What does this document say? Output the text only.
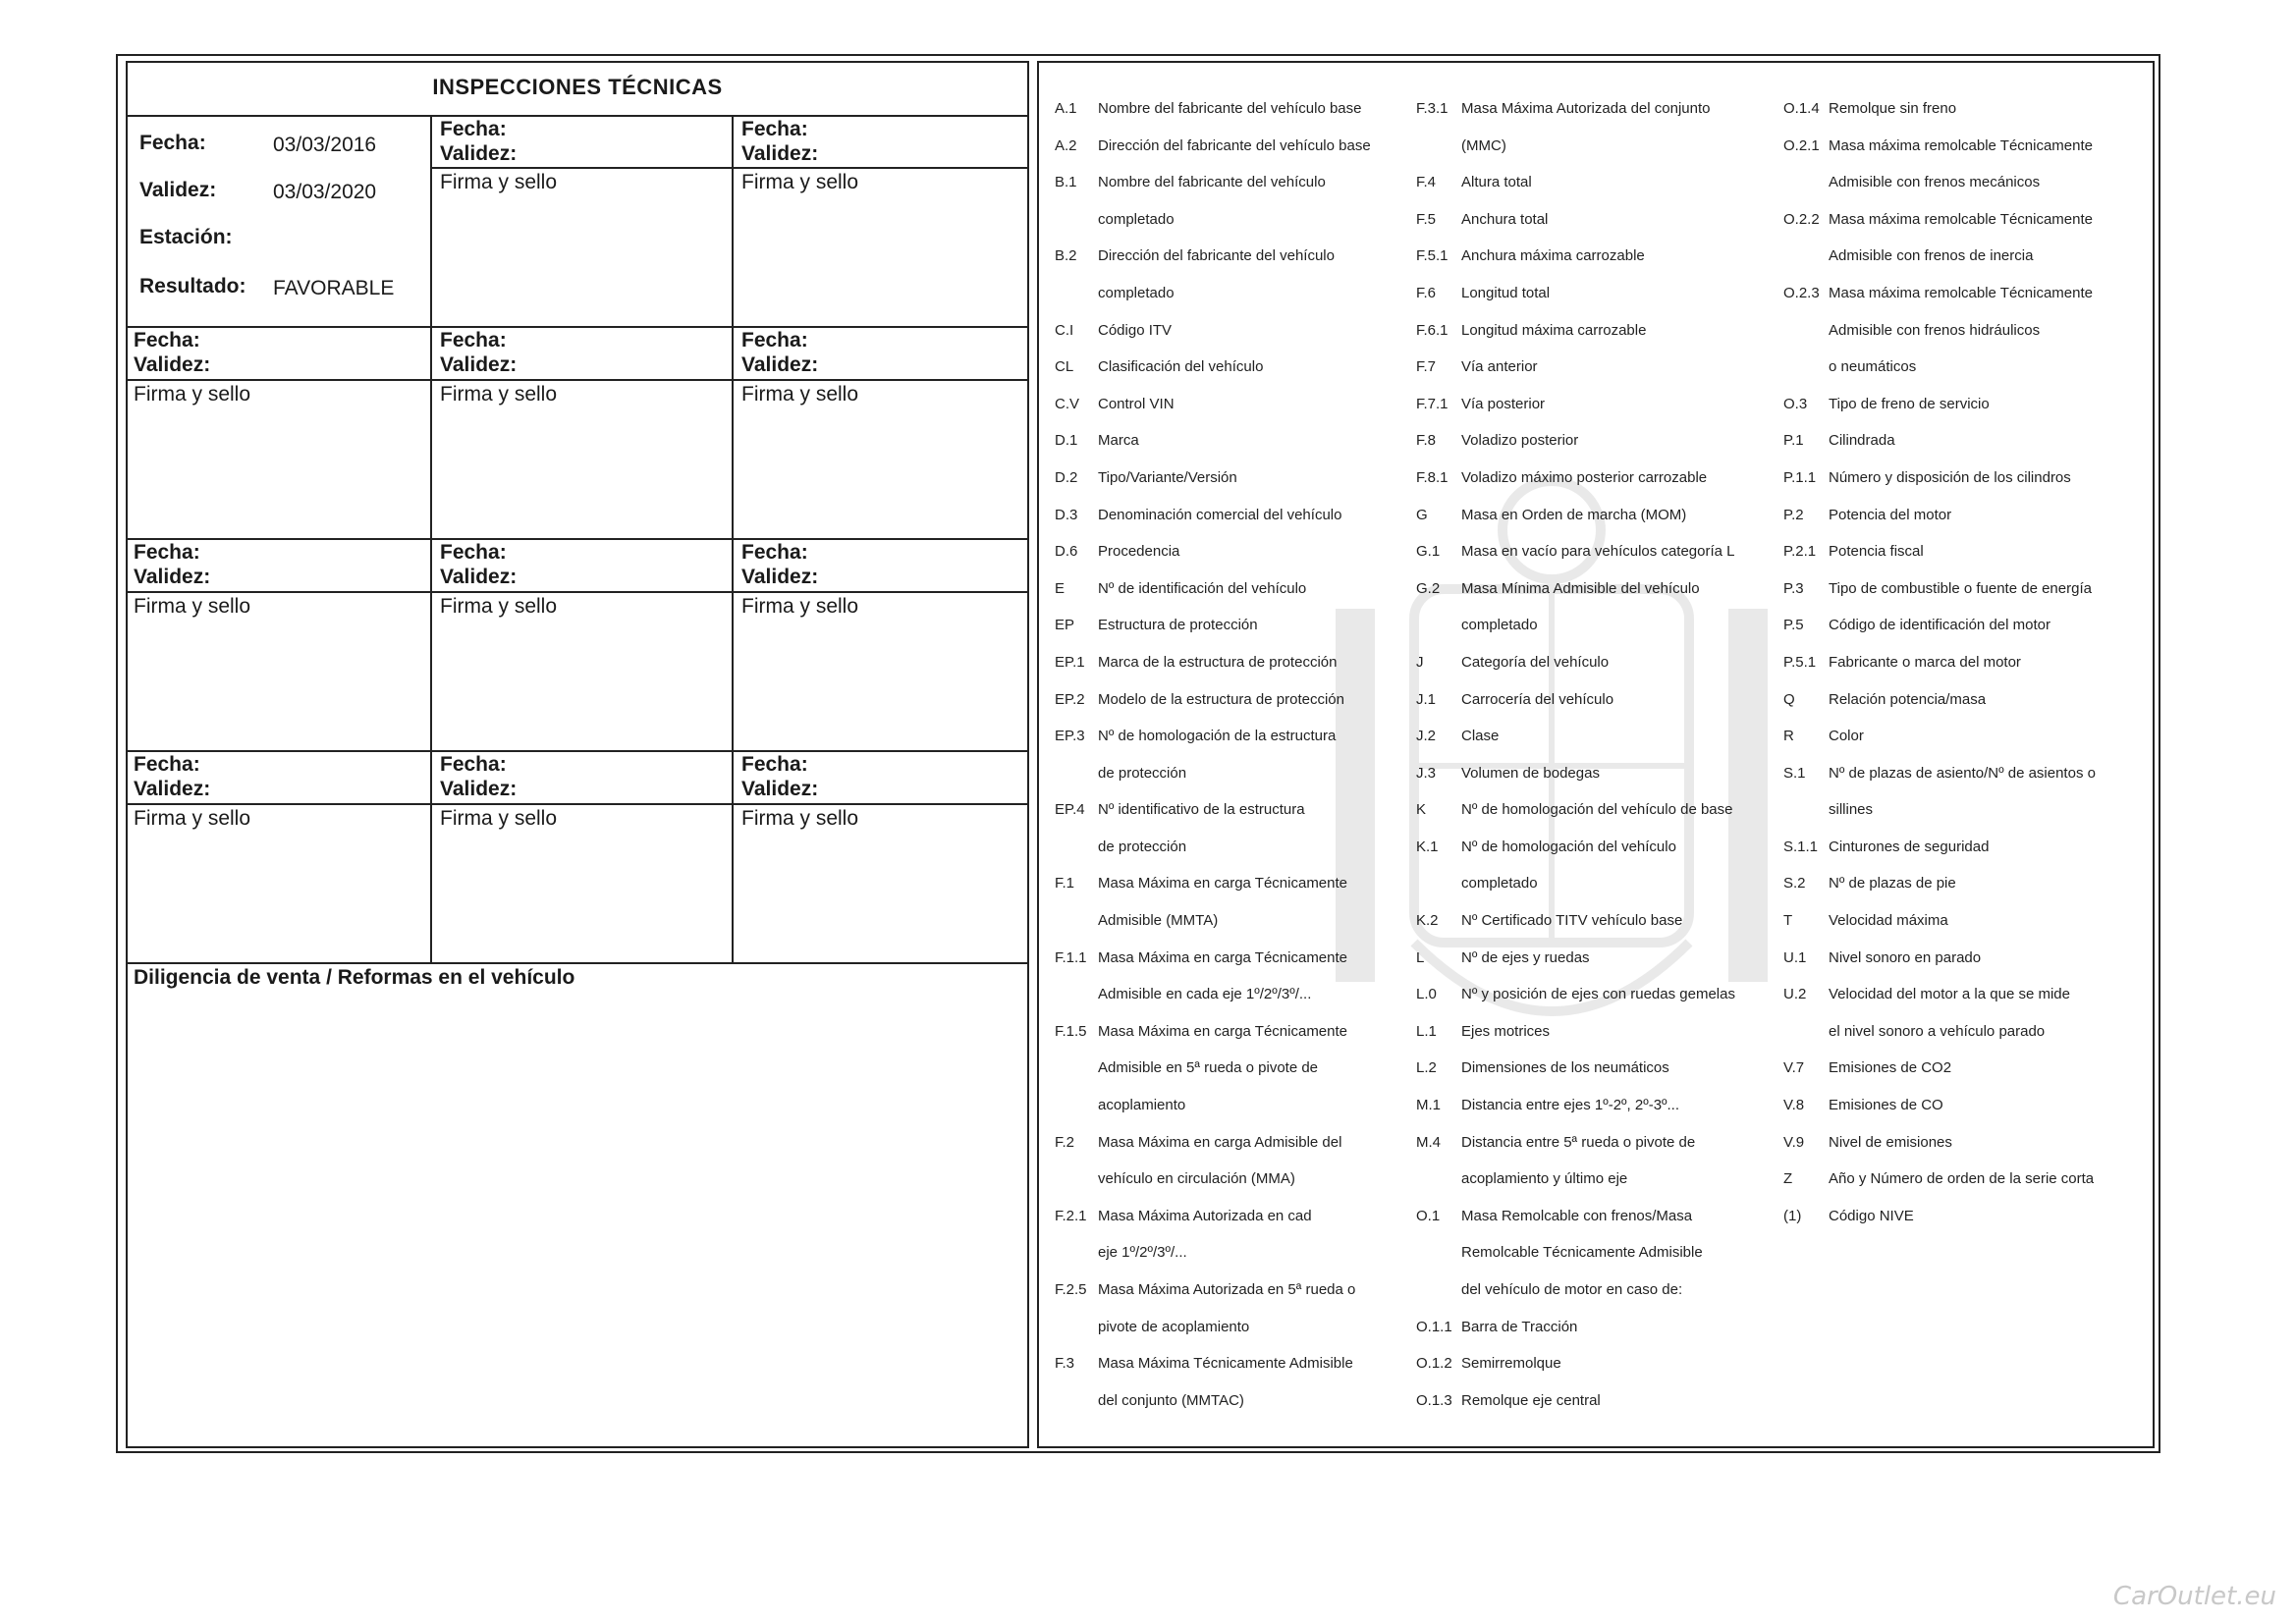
INSPECCIONES TÉCNICAS
Fecha:	03/03/2016
Validez:	03/03/2020
Estación:
Resultado: FAVORABLE
Fecha:
Validez:
Firma y sello
Fecha:
Validez:
Firma y sello
Fecha:
Validez:
Firma y sello
Fecha:
Validez:
Firma y sello
Fecha:
Validez:
Firma y sello
Fecha:
Validez:
Firma y sello
Fecha:
Validez:
Firma y sello
Fecha:
Validez:
Firma y sello
Fecha:
Validez:
Firma y sello
Fecha:
Validez:
Firma y sello
Fecha:
Validez:
Firma y sello
Diligencia de venta / Reformas en el vehículo
A.1 Nombre del fabricante del vehículo base
A.2 Dirección del fabricante del vehículo base
B.1 Nombre del fabricante del vehículo
completado
B.2 Dirección del fabricante del vehículo
completado
C.I Código ITV
CL Clasificación del vehículo
C.V Control VIN
D.1 Marca
D.2 Tipo/Variante/Versión
D.3 Denominación comercial del vehículo
D.6 Procedencia
E Nº de identificación del vehículo
EP Estructura de protección
EP.1 Marca de la estructura de protección
EP.2 Modelo de la estructura de protección
EP.3 Nº de homologación de la estructura
de protección
EP.4 Nº identificativo de la estructura
de protección
F.1 Masa Máxima en carga Técnicamente
Admisible (MMTA)
F.1.1 Masa Máxima en carga Técnicamente
Admisible en cada eje 1º/2º/3º/...
F.1.5 Masa Máxima en carga Técnicamente
Admisible en 5ª rueda o pivote de
acoplamiento
F.2 Masa Máxima en carga Admisible del
vehículo en circulación (MMA)
F.2.1 Masa Máxima Autorizada en cad
eje 1º/2º/3º/...
F.2.5 Masa Máxima Autorizada en 5ª rueda o
pivote de acoplamiento
F.3 Masa Máxima Técnicamente Admisible
del conjunto (MMTAC)
F.3.1 Masa Máxima Autorizada del conjunto
(MMC)
F.4 Altura total
F.5 Anchura total
F.5.1 Anchura máxima carrozable
F.6 Longitud total
F.6.1 Longitud máxima carrozable
F.7 Vía anterior
F.7.1 Vía posterior
F.8 Voladizo posterior
F.8.1 Voladizo máximo posterior carrozable
G Masa en Orden de marcha (MOM)
G.1 Masa en vacío para vehículos categoría L
G.2 Masa Mínima Admisible del vehículo
completado
J	Categoría del vehículo
J.1 Carrocería del vehículo
J.2 Clase
J.3 Volumen de bodegas
K Nº de homologación del vehículo de base
K.1 Nº de homologación del vehículo
completado
K.2 Nº Certificado TITV vehículo base
L	Nº de ejes y ruedas
L.0 Nº y posición de ejes con ruedas gemelas
L.1 Ejes motrices
L.2 Dimensiones de los neumáticos
M.1 Distancia entre ejes 1º-2º, 2º-3º...
M.4 Distancia entre 5ª rueda o pivote de
acoplamiento y último eje
O.1 Masa Remolcable con frenos/Masa
Remolcable Técnicamente Admisible
del vehículo de motor en caso de:
O.1.1 Barra de Tracción
O.1.2 Semirremolque
O.1.3 Remolque eje central
O.1.4 Remolque sin freno
O.2.1 Masa máxima remolcable Técnicamente
Admisible con frenos mecánicos
O.2.2 Masa máxima remolcable Técnicamente
Admisible con frenos de inercia
O.2.3 Masa máxima remolcable Técnicamente
Admisible con frenos hidráulicos
o neumáticos
O.3 Tipo de freno de servicio
P.1 Cilindrada
P.1.1 Número y disposición de los cilindros
P.2 Potencia del motor
P.2.1 Potencia fiscal
P.3 Tipo de combustible o fuente de energía
P.5 Código de identificación del motor
P.5.1 Fabricante o marca del motor
Q Relación potencia/masa
R Color
S.1 Nº de plazas de asiento/Nº de asientos o
sillines
S.1.1 Cinturones de seguridad
S.2 Nº de plazas de pie
T Velocidad máxima
U.1 Nivel sonoro en parado
U.2 Velocidad del motor a la que se mide
el nivel sonoro a vehículo parado
V.7 Emisiones de CO2
V.8 Emisiones de CO
V.9 Nivel de emisiones
Z Año y Número de orden de la serie corta
(1) Código NIVE
CarOutlet.eu
